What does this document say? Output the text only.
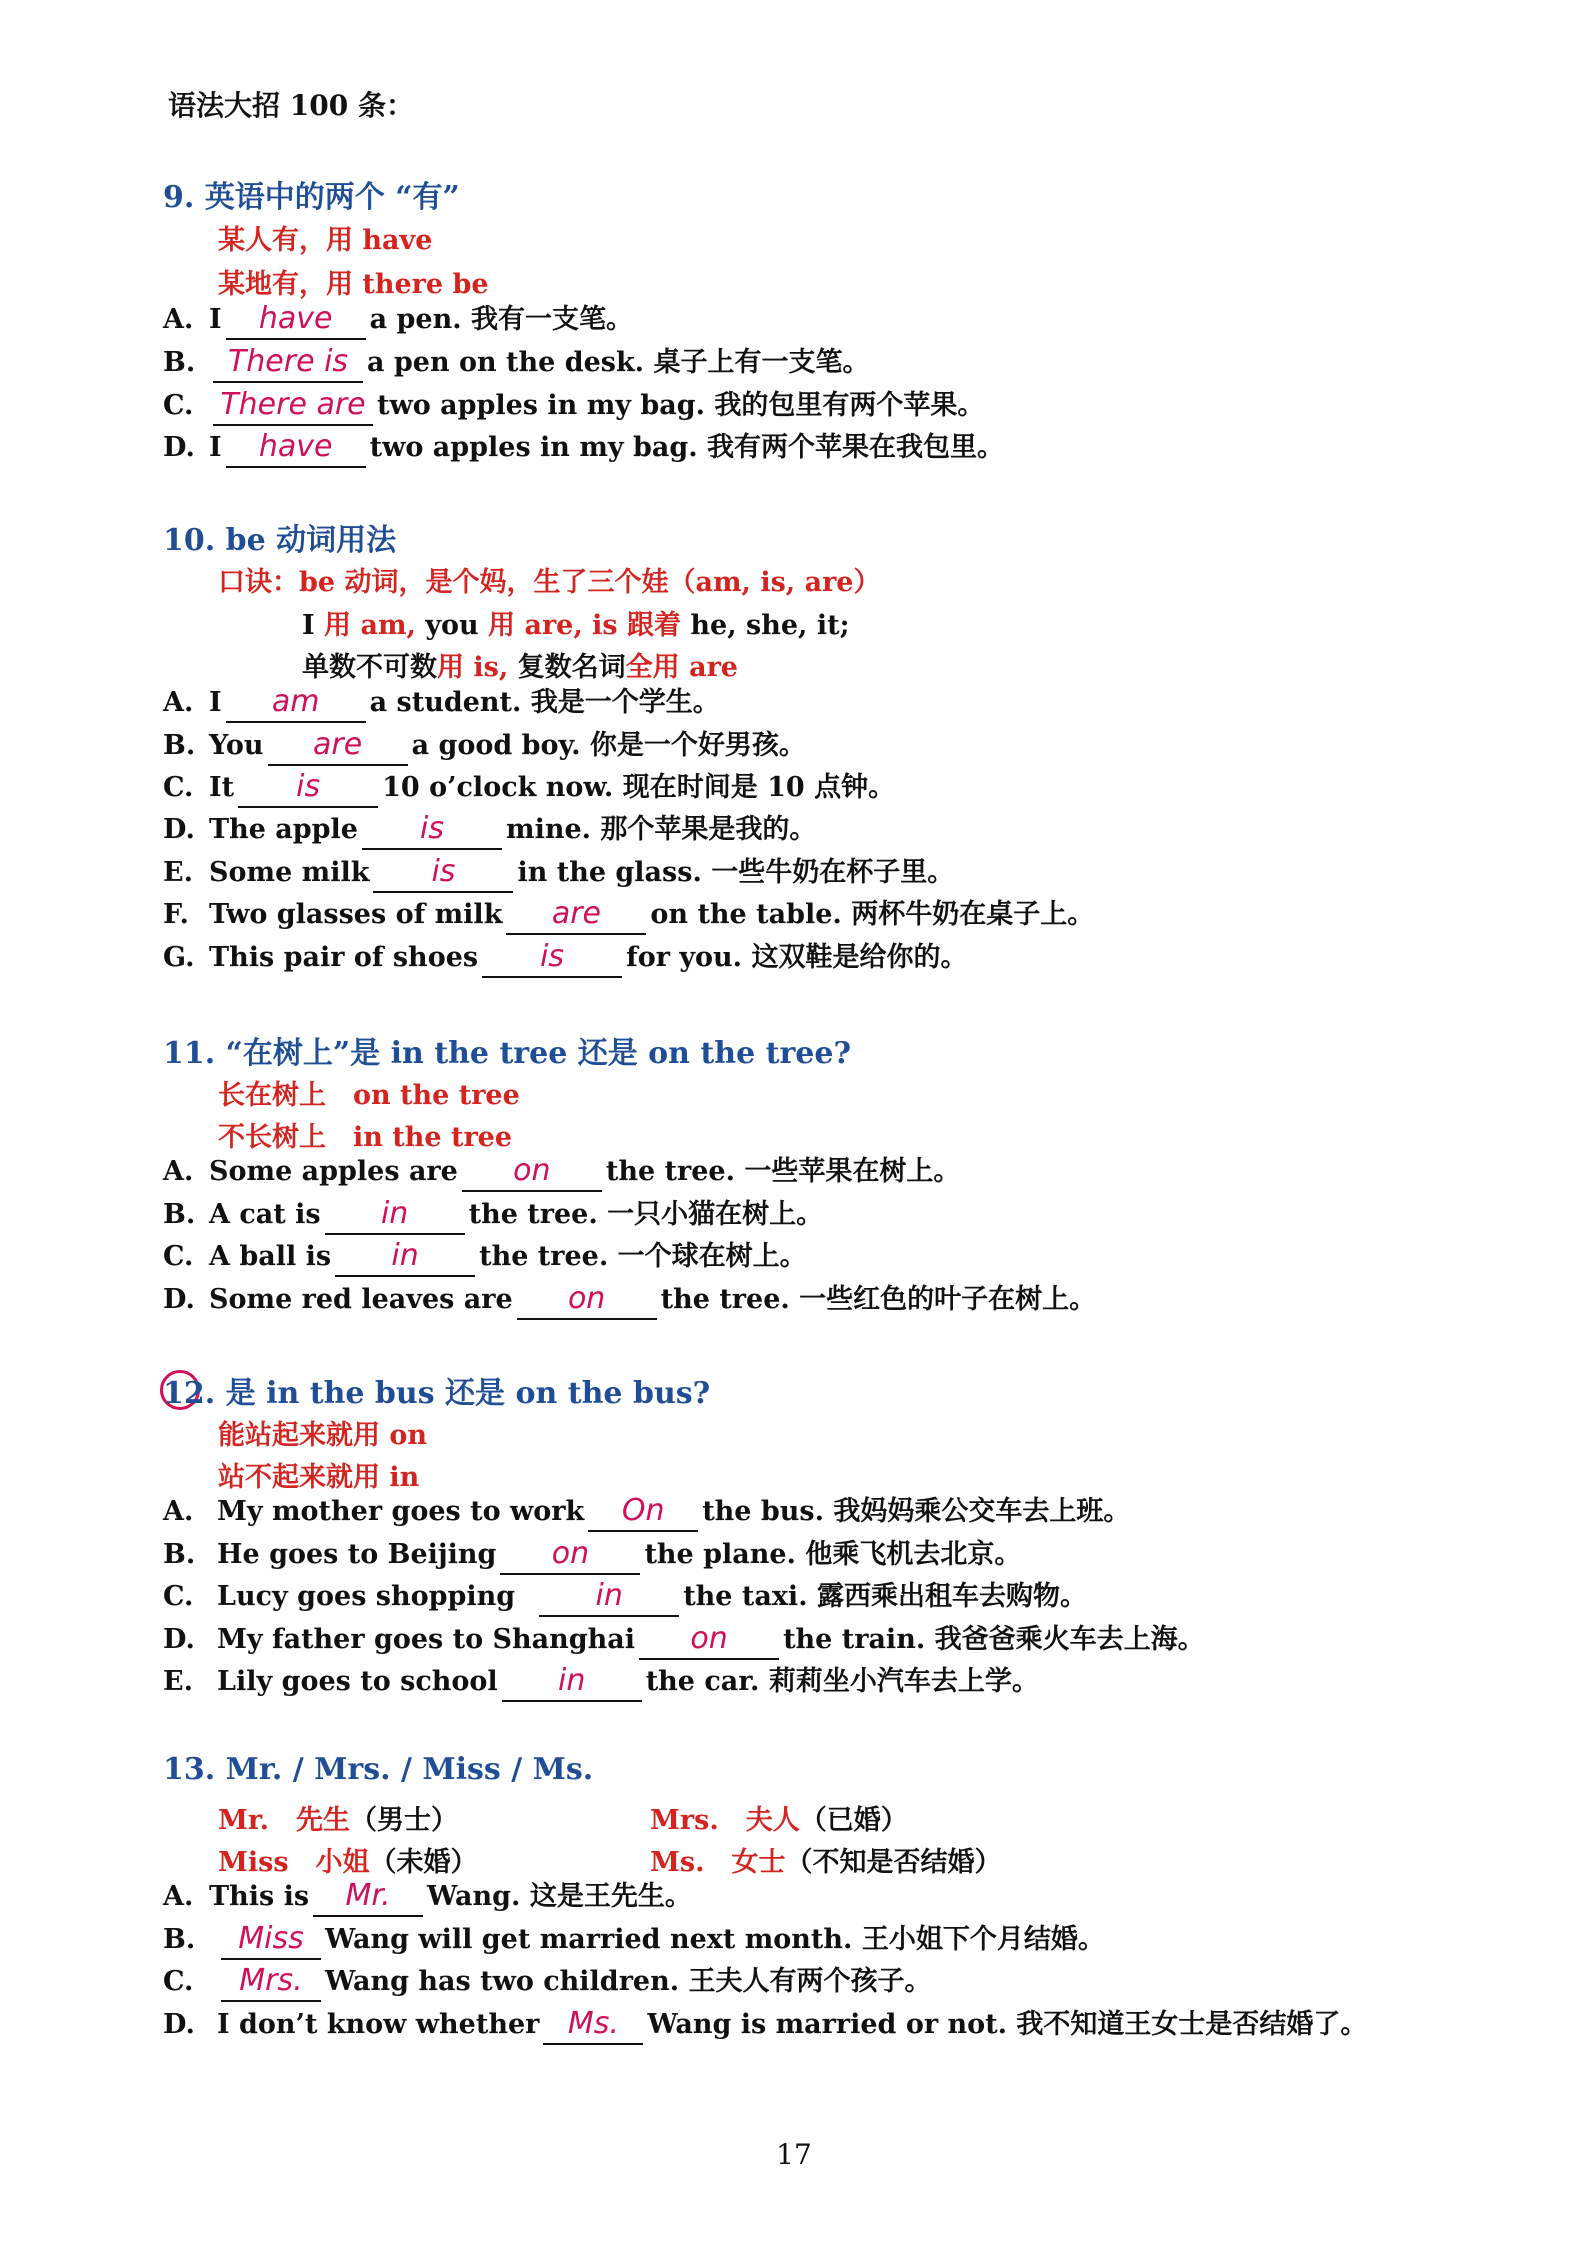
语法大招 100 条：
9. 英语中的两个 “有”
某人有，用 have
某地有，用 there be
A. I have a pen. 我有一支笔。
B. There is a pen on the desk. 桌子上有一支笔。
C. There are two apples in my bag. 我的包里有两个苹果。
D. I have two apples in my bag. 我有两个苹果在我包里。
10. be 动词用法
口诀：be 动词，是个妈，生了三个娃（am, is, are）
I 用 am, you 用 are, is 跟着 he, she, it;
单数不可数用 is, 复数名词全用 are
A. I am a student. 我是一个学生。
B. You are a good boy. 你是一个好男孩。
C. It is 10 o’clock now. 现在时间是 10 点钟。
D. The apple is mine. 那个苹果是我的。
E. Some milk is in the glass. 一些牛奶在杯子里。
F. Two glasses of milk are on the table. 两杯牛奶在桌子上。
G. This pair of shoes is for you. 这双鞋是给你的。
11. “在树上”是 in the tree 还是 on the tree?
长在树上　on the tree
不长树上　in the tree
A. Some apples are on the tree. 一些苹果在树上。
B. A cat is in the tree. 一只小猫在树上。
C. A ball is in the tree. 一个球在树上。
D. Some red leaves are on the tree. 一些红色的叶子在树上。
12. 是 in the bus 还是 on the bus?
能站起来就用 on
站不起来就用 in
A. My mother goes to work On the bus. 我妈妈乘公交车去上班。
B. He goes to Beijing on the plane. 他乘飞机去北京。
C. Lucy goes shopping	in the taxi. 露西乘出租车去购物。
D. My father goes to Shanghai on the train. 我爸爸乘火车去上海。
E. Lily goes to school in the car. 莉莉坐小汽车去上学。
13. Mr. / Mrs. / Miss / Ms.
Mr.　 先生（男士）	Mrs.　 夫人（已婚）
Miss　 小姐（未婚）	Ms.　 女士（不知是否结婚）
A. This is Mr. Wang. 这是王先生。
B. Miss Wang will get married next month. 王小姐下个月结婚。
C. Mrs. Wang has two children. 王夫人有两个孩子。
D. I don’t know whether Ms. Wang is married or not. 我不知道王女士是否结婚了。
17
